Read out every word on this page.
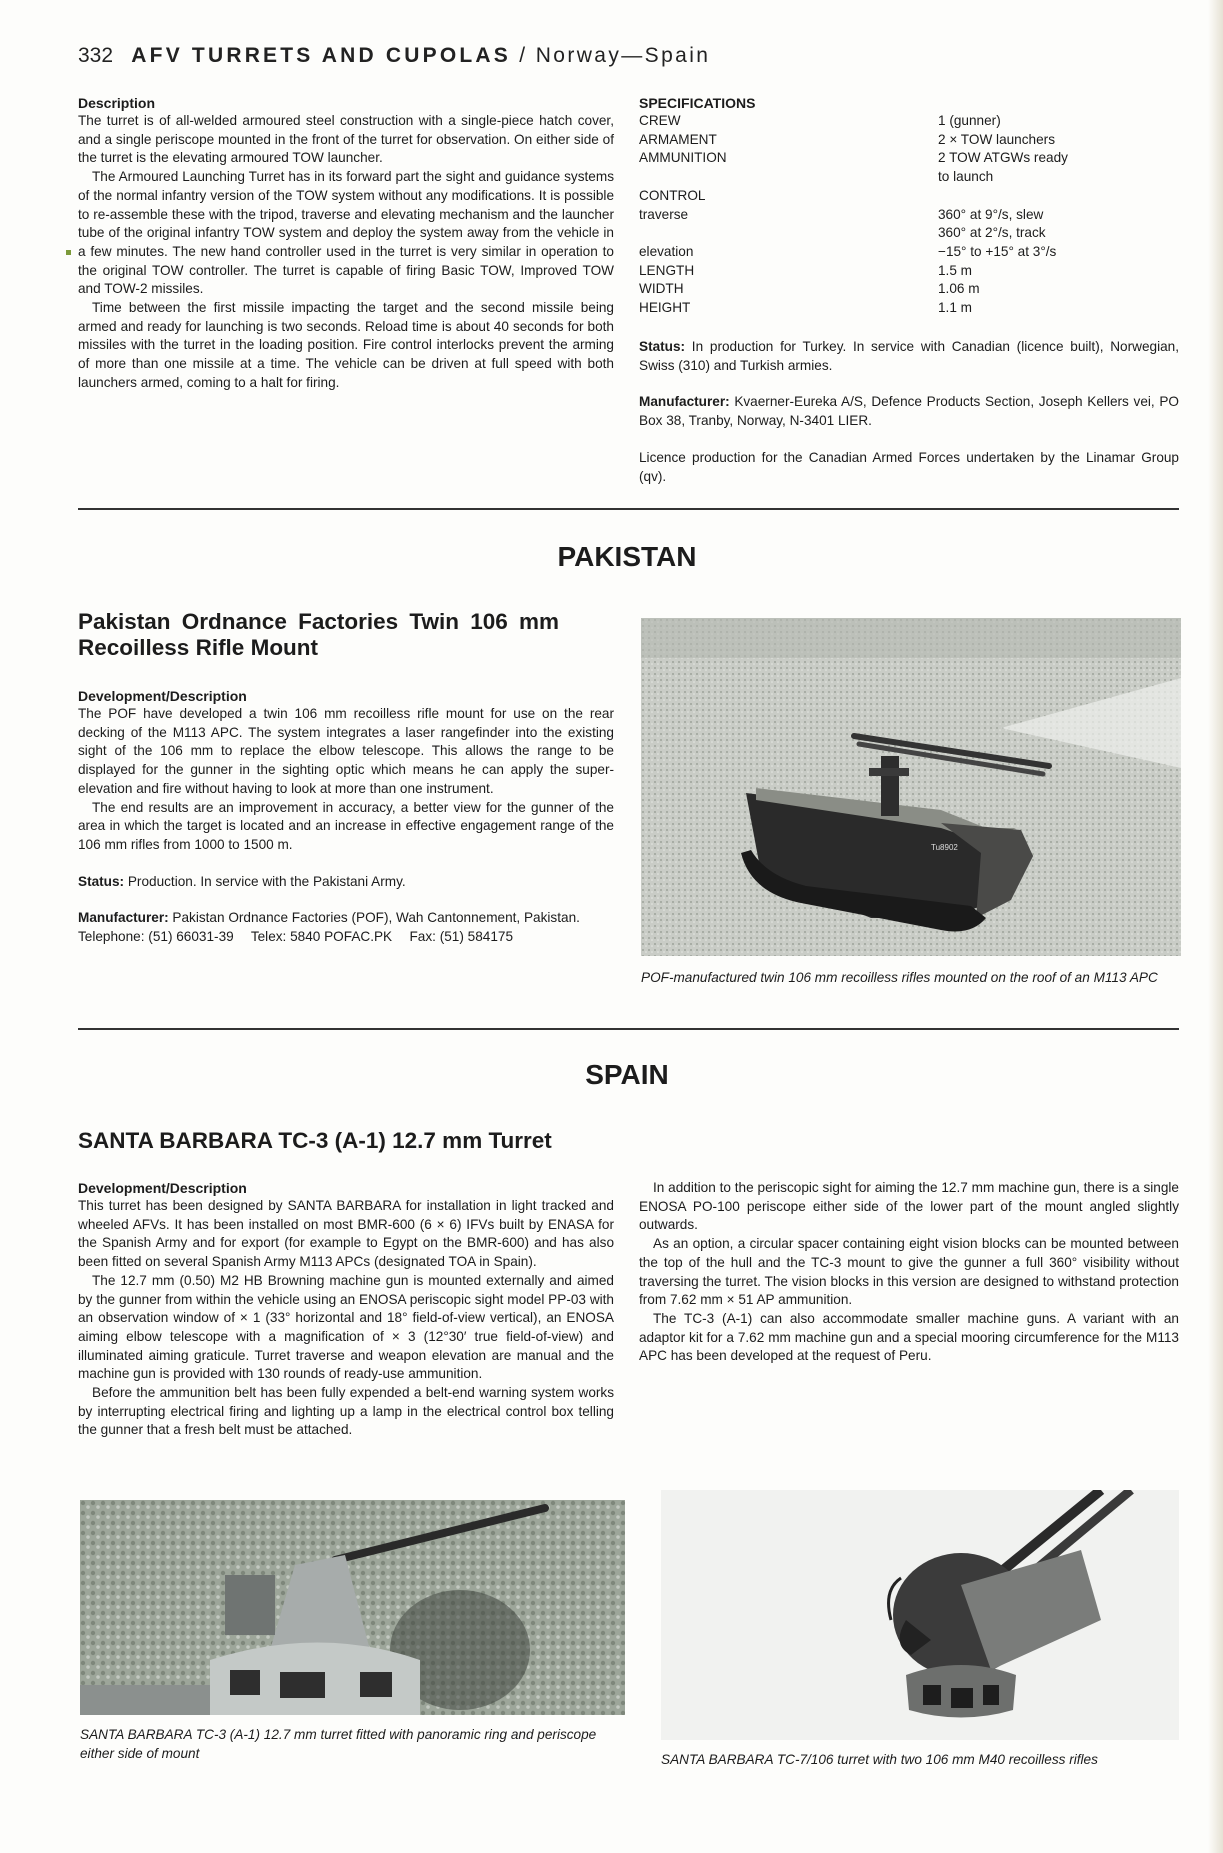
332 AFV TURRETS AND CUPOLAS / Norway—Spain
Description

The turret is of all-welded armoured steel construction with a single-piece hatch cover, and a single periscope mounted in the front of the turret for observation. On either side of the turret is the elevating armoured TOW launcher.

The Armoured Launching Turret has in its forward part the sight and guidance systems of the normal infantry version of the TOW system without any modifications. It is possible to re-assemble these with the tripod, traverse and elevating mechanism and the launcher tube of the original infantry TOW system and deploy the system away from the vehicle in a few minutes. The new hand controller used in the turret is very similar in operation to the original TOW controller. The turret is capable of firing Basic TOW, Improved TOW and TOW-2 missiles.

Time between the first missile impacting the target and the second missile being armed and ready for launching is two seconds. Reload time is about 40 seconds for both missiles with the turret in the loading position. Fire control interlocks prevent the arming of more than one missile at a time. The vehicle can be driven at full speed with both launchers armed, coming to a halt for firing.

SPECIFICATIONS
CREW	1 (gunner)
ARMAMENT	2 × TOW launchers
AMMUNITION	2 TOW ATGWs ready
to launch
CONTROL
traverse	360° at 9°/s, slew
360° at 2°/s, track
elevation	−15° to +15° at 3°/s
LENGTH	1.5 m
WIDTH	1.06 m
HEIGHT	1.1 m

Status: In production for Turkey. In service with Canadian (licence built), Norwegian, Swiss (310) and Turkish armies.

Manufacturer: Kvaerner-Eureka A/S, Defence Products Section, Joseph Kellers vei, PO Box 38, Tranby, Norway, N-3401 LIER.

Licence production for the Canadian Armed Forces undertaken by the Linamar Group (qv).

PAKISTAN
Pakistan Ordnance Factories Twin 106 mm
Recoilless Rifle Mount
Development/Description

The POF have developed a twin 106 mm recoilless rifle mount for use on the rear decking of the M113 APC. The system integrates a laser rangefinder into the existing sight of the 106 mm to replace the elbow telescope. This allows the range to be displayed for the gunner in the sighting optic which means he can apply the super-elevation and fire without having to look at more than one instrument.

The end results are an improvement in accuracy, a better view for the gunner of the area in which the target is located and an increase in effective engagement range of the 106 mm rifles from 1000 to 1500 m.

Status: Production. In service with the Pakistani Army.

Manufacturer: Pakistan Ordnance Factories (POF), Wah Cantonnement, Pakistan.

Telephone: (51) 66031-39  Telex: 5840 POFAC.PK  Fax: (51) 584175

Tu8902
POF-manufactured twin 106 mm recoilless rifles mounted on the roof of an M113 APC
SPAIN
SANTA BARBARA TC-3 (A-1) 12.7 mm Turret
Development/Description

This turret has been designed by SANTA BARBARA for installation in light tracked and wheeled AFVs. It has been installed on most BMR-600 (6 × 6) IFVs built by ENASA for the Spanish Army and for export (for example to Egypt on the BMR-600) and has also been fitted on several Spanish Army M113 APCs (designated TOA in Spain).

The 12.7 mm (0.50) M2 HB Browning machine gun is mounted externally and aimed by the gunner from within the vehicle using an ENOSA periscopic sight model PP-03 with an observation window of × 1 (33° horizontal and 18° field-of-view vertical), an ENOSA aiming elbow telescope with a magnification of × 3 (12°30′ true field-of-view) and illuminated aiming graticule. Turret traverse and weapon elevation are manual and the machine gun is provided with 130 rounds of ready-use ammunition.

Before the ammunition belt has been fully expended a belt-end warning system works by interrupting electrical firing and lighting up a lamp in the electrical control box telling the gunner that a fresh belt must be attached.

In addition to the periscopic sight for aiming the 12.7 mm machine gun, there is a single ENOSA PO-100 periscope either side of the lower part of the mount angled slightly outwards.

As an option, a circular spacer containing eight vision blocks can be mounted between the top of the hull and the TC-3 mount to give the gunner a full 360° visibility without traversing the turret. The vision blocks in this version are designed to withstand protection from 7.62 mm × 51 AP ammunition.

The TC-3 (A-1) can also accommodate smaller machine guns. A variant with an adaptor kit for a 7.62 mm machine gun and a special mooring circumference for the M113 APC has been developed at the request of Peru.

SANTA BARBARA TC-3 (A-1) 12.7 mm turret fitted with panoramic ring and periscope either side of mount	SANTA BARBARA TC-7/106 turret with two 106 mm M40 recoilless rifles
